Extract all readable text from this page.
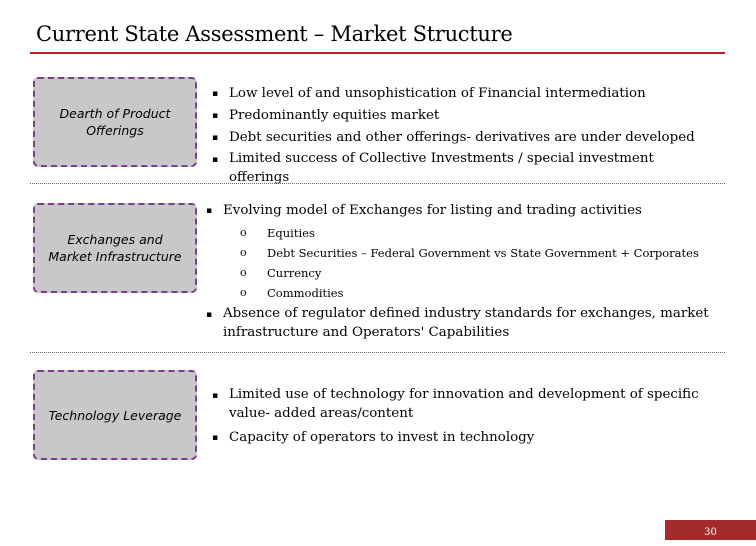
Current State Assessment – Market Structure
Dearth of Product
Offerings
▪ Low level of and unsophistication of Financial intermediation
▪ Predominantly equities market
▪ Debt securities and other offerings- derivatives are under developed
▪ Limited success of Collective Investments / special investment offerings
Exchanges and
Market Infrastructure
▪ Evolving model of Exchanges for listing and trading activities
o Equities
o Debt Securities – Federal Government vs State Government + Corporates
o Currency
o Commodities
▪ Absence of regulator defined industry standards for exchanges, market infrastructure and Operators' Capabilities
Technology Leverage
▪ Limited use of technology for innovation and development of specific value- added areas/content
▪ Capacity of operators to invest in technology
30
